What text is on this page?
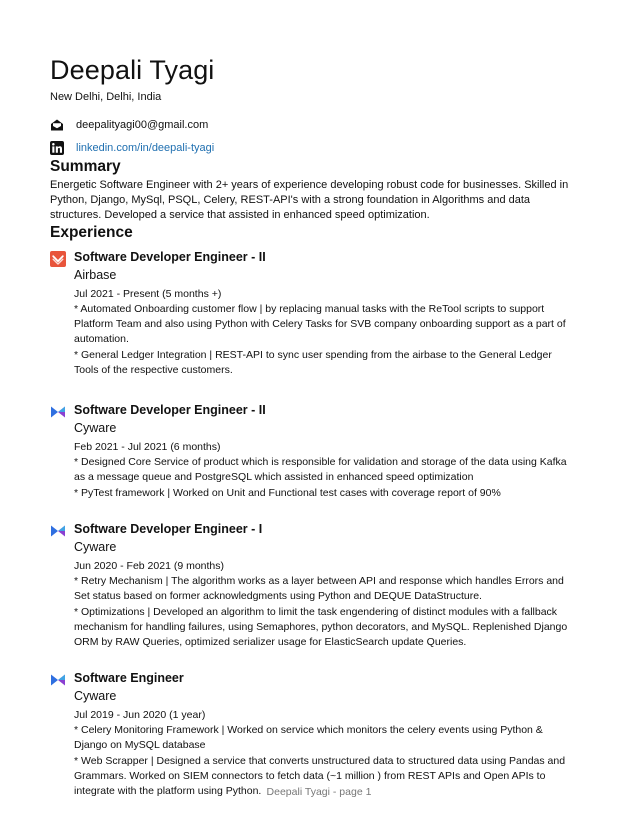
Deepali Tyagi
New Delhi, Delhi, India
deepalityagi00@gmail.com
linkedin.com/in/deepali-tyagi
Summary
Energetic Software Engineer with 2+ years of experience developing robust code for businesses. Skilled in Python, Django, MySql, PSQL, Celery, REST-API's with a strong foundation in Algorithms and data structures. Developed a service that assisted in enhanced speed optimization.
Experience
Software Developer Engineer - II
Airbase
Jul 2021 - Present (5 months +)
* Automated Onboarding customer flow | by replacing manual tasks with the ReTool scripts to support Platform Team and also using Python with Celery Tasks for SVB company onboarding support as a part of automation.
* General Ledger Integration | REST-API to sync user spending from the airbase to the General Ledger Tools of the respective customers.
Software Developer Engineer - II
Cyware
Feb 2021 - Jul 2021 (6 months)
* Designed Core Service of product which is responsible for validation and storage of the data using Kafka as a message queue and PostgreSQL which assisted in enhanced speed optimization
* PyTest framework | Worked on Unit and Functional test cases with coverage report of 90%
Software Developer Engineer - I
Cyware
Jun 2020 - Feb 2021 (9 months)
* Retry Mechanism | The algorithm works as a layer between API and response which handles Errors and Set status based on former acknowledgments using Python and DEQUE DataStructure.
* Optimizations | Developed an algorithm to limit the task engendering of distinct modules with a fallback mechanism for handling failures, using Semaphores, python decorators, and MySQL. Replenished Django ORM by RAW Queries, optimized serializer usage for ElasticSearch update Queries.
Software Engineer
Cyware
Jul 2019 - Jun 2020 (1 year)
* Celery Monitoring Framework | Worked on service which monitors the celery events using Python & Django on MySQL database
* Web Scrapper | Designed a service that converts unstructured data to structured data using Pandas and Grammars. Worked on SIEM connectors to fetch data (~1 million ) from REST APIs and Open APIs to integrate with the platform using Python. Deepali Tyagi - page 1
